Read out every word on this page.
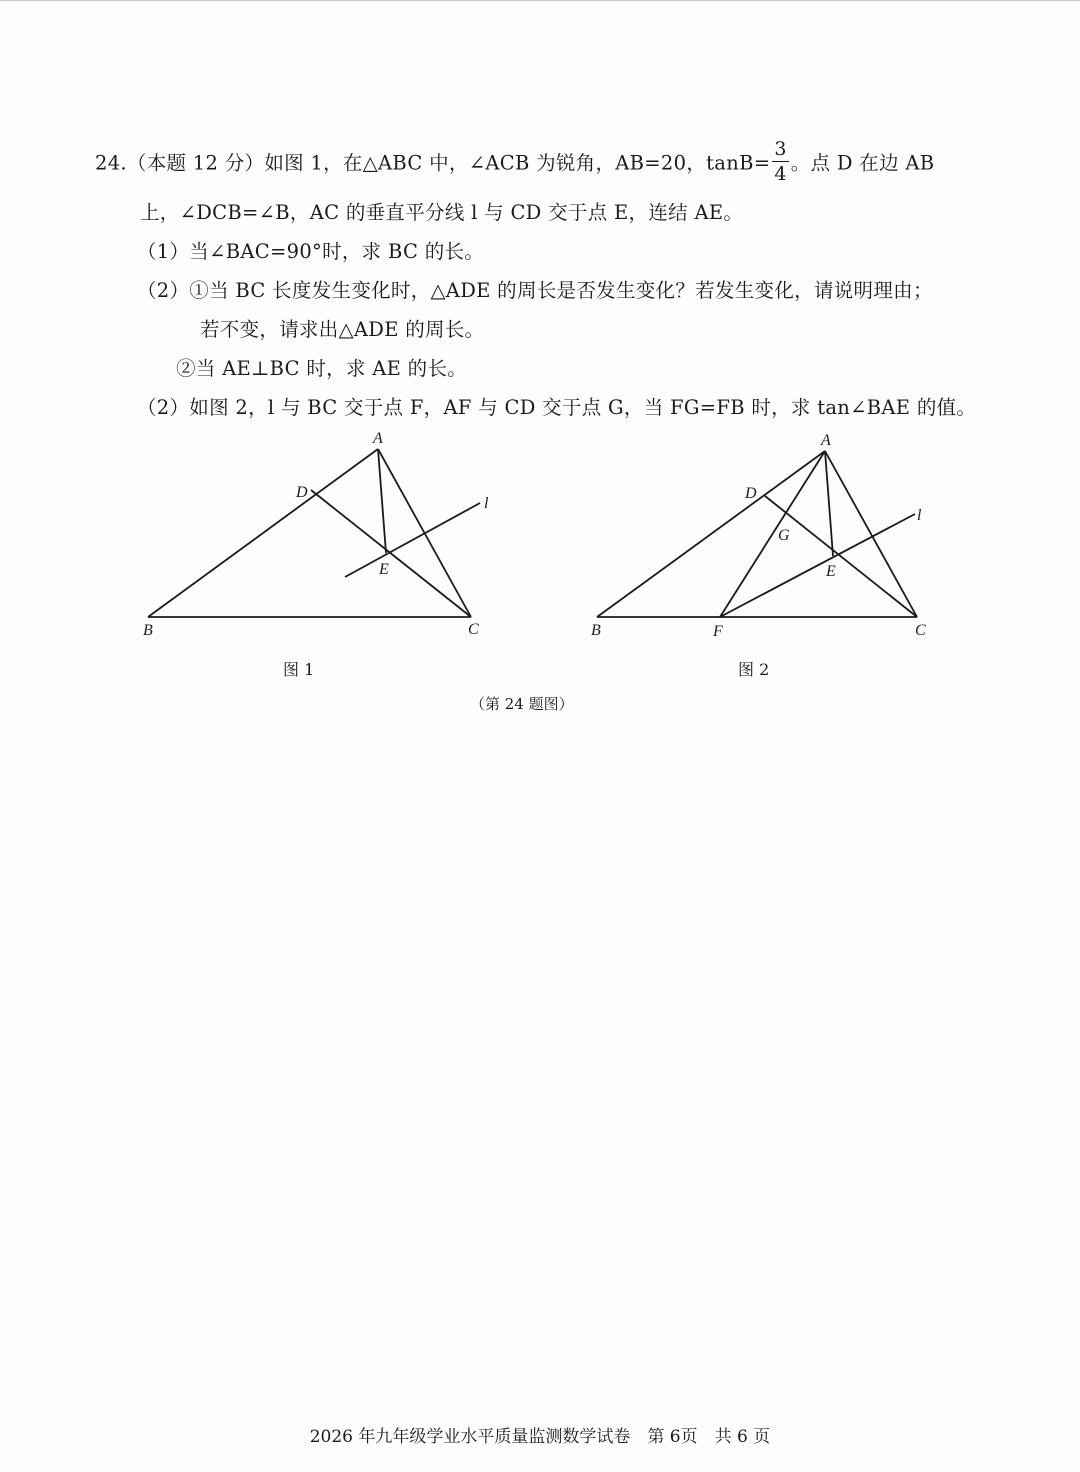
24.（本题 12 分）如图 1，在△ABC 中，∠ACB 为锐角，AB=20，$\tan B= \frac{3}{4}$ 。点 D 在边 AB
上，∠DCB=∠B，AC 的垂直平分线 l 与 CD 交于点 E，连结 AE。
（1）当∠BAC=90°时，求 BC 的长。
（2）①当 BC 长度发生变化时，△ADE 的周长是否发生变化？若发生变化，请说明理由；
若不变，请求出△ADE 的周长。
②当 AE⊥BC 时，求 AE 的长。
（2）如图 2，l 与 BC 交于点 F，AF 与 CD 交于点 G，当 FG=FB 时，求 tan∠BAE 的值。
A
B	C
D
E
l
A
B	C
D
E
F
G
l
图 1	图 2
（第 24 题图）
2026 年九年级学业水平质量监测数学试卷　第 6页　共 6 页
